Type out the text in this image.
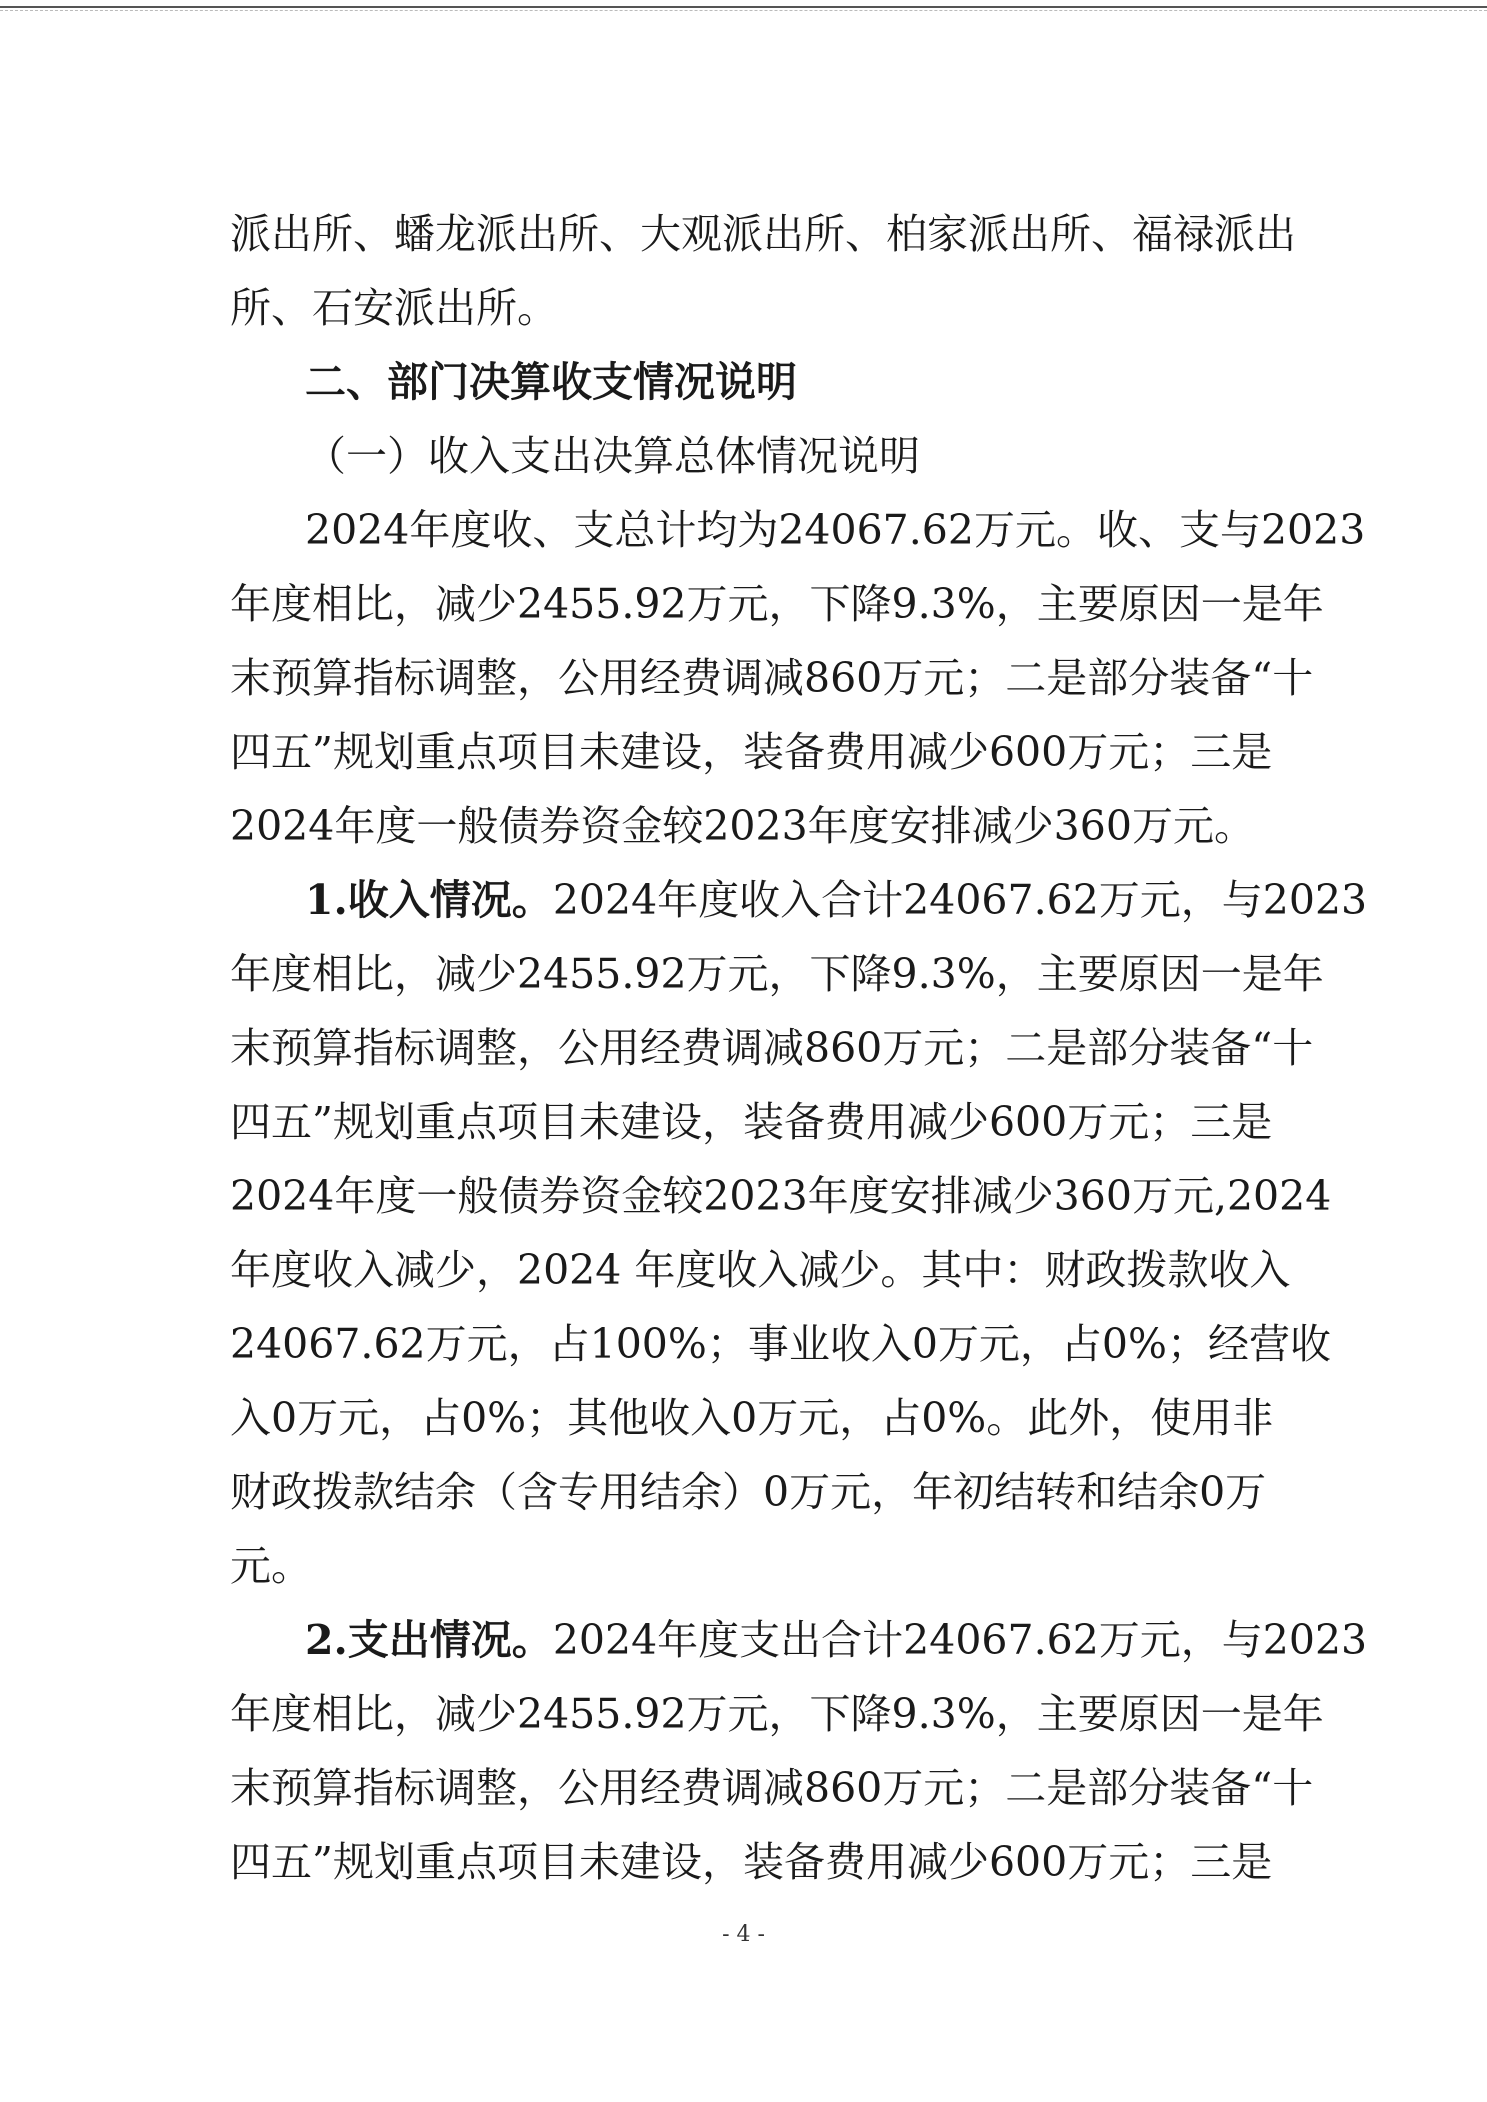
派出所、蟠龙派出所、大观派出所、柏家派出所、福禄派出
所、石安派出所。
二、部门决算收支情况说明
（一）收入支出决算总体情况说明
2024年度收、支总计均为24067.62万元。收、支与2023
年度相比，减少2455.92万元，下降9.3%，主要原因一是年
末预算指标调整，公用经费调减860万元；二是部分装备“十
四五”规划重点项目未建设，装备费用减少600万元；三是
2024年度一般债券资金较2023年度安排减少360万元。
1.收入情况。2024年度收入合计24067.62万元，与2023
年度相比，减少2455.92万元，下降9.3%，主要原因一是年
末预算指标调整，公用经费调减860万元；二是部分装备“十
四五”规划重点项目未建设，装备费用减少600万元；三是
2024年度一般债券资金较2023年度安排减少360万元,2024
年度收入减少，2024 年度收入减少。其中：财政拨款收入
24067.62万元，占100%；事业收入0万元，占0%；经营收
入0万元，占0%；其他收入0万元，占0%。此外，使用非
财政拨款结余（含专用结余）0万元，年初结转和结余0万
元。
2.支出情况。2024年度支出合计24067.62万元，与2023
年度相比，减少2455.92万元，下降9.3%，主要原因一是年
末预算指标调整，公用经费调减860万元；二是部分装备“十
四五”规划重点项目未建设，装备费用减少600万元；三是
- 4 -
